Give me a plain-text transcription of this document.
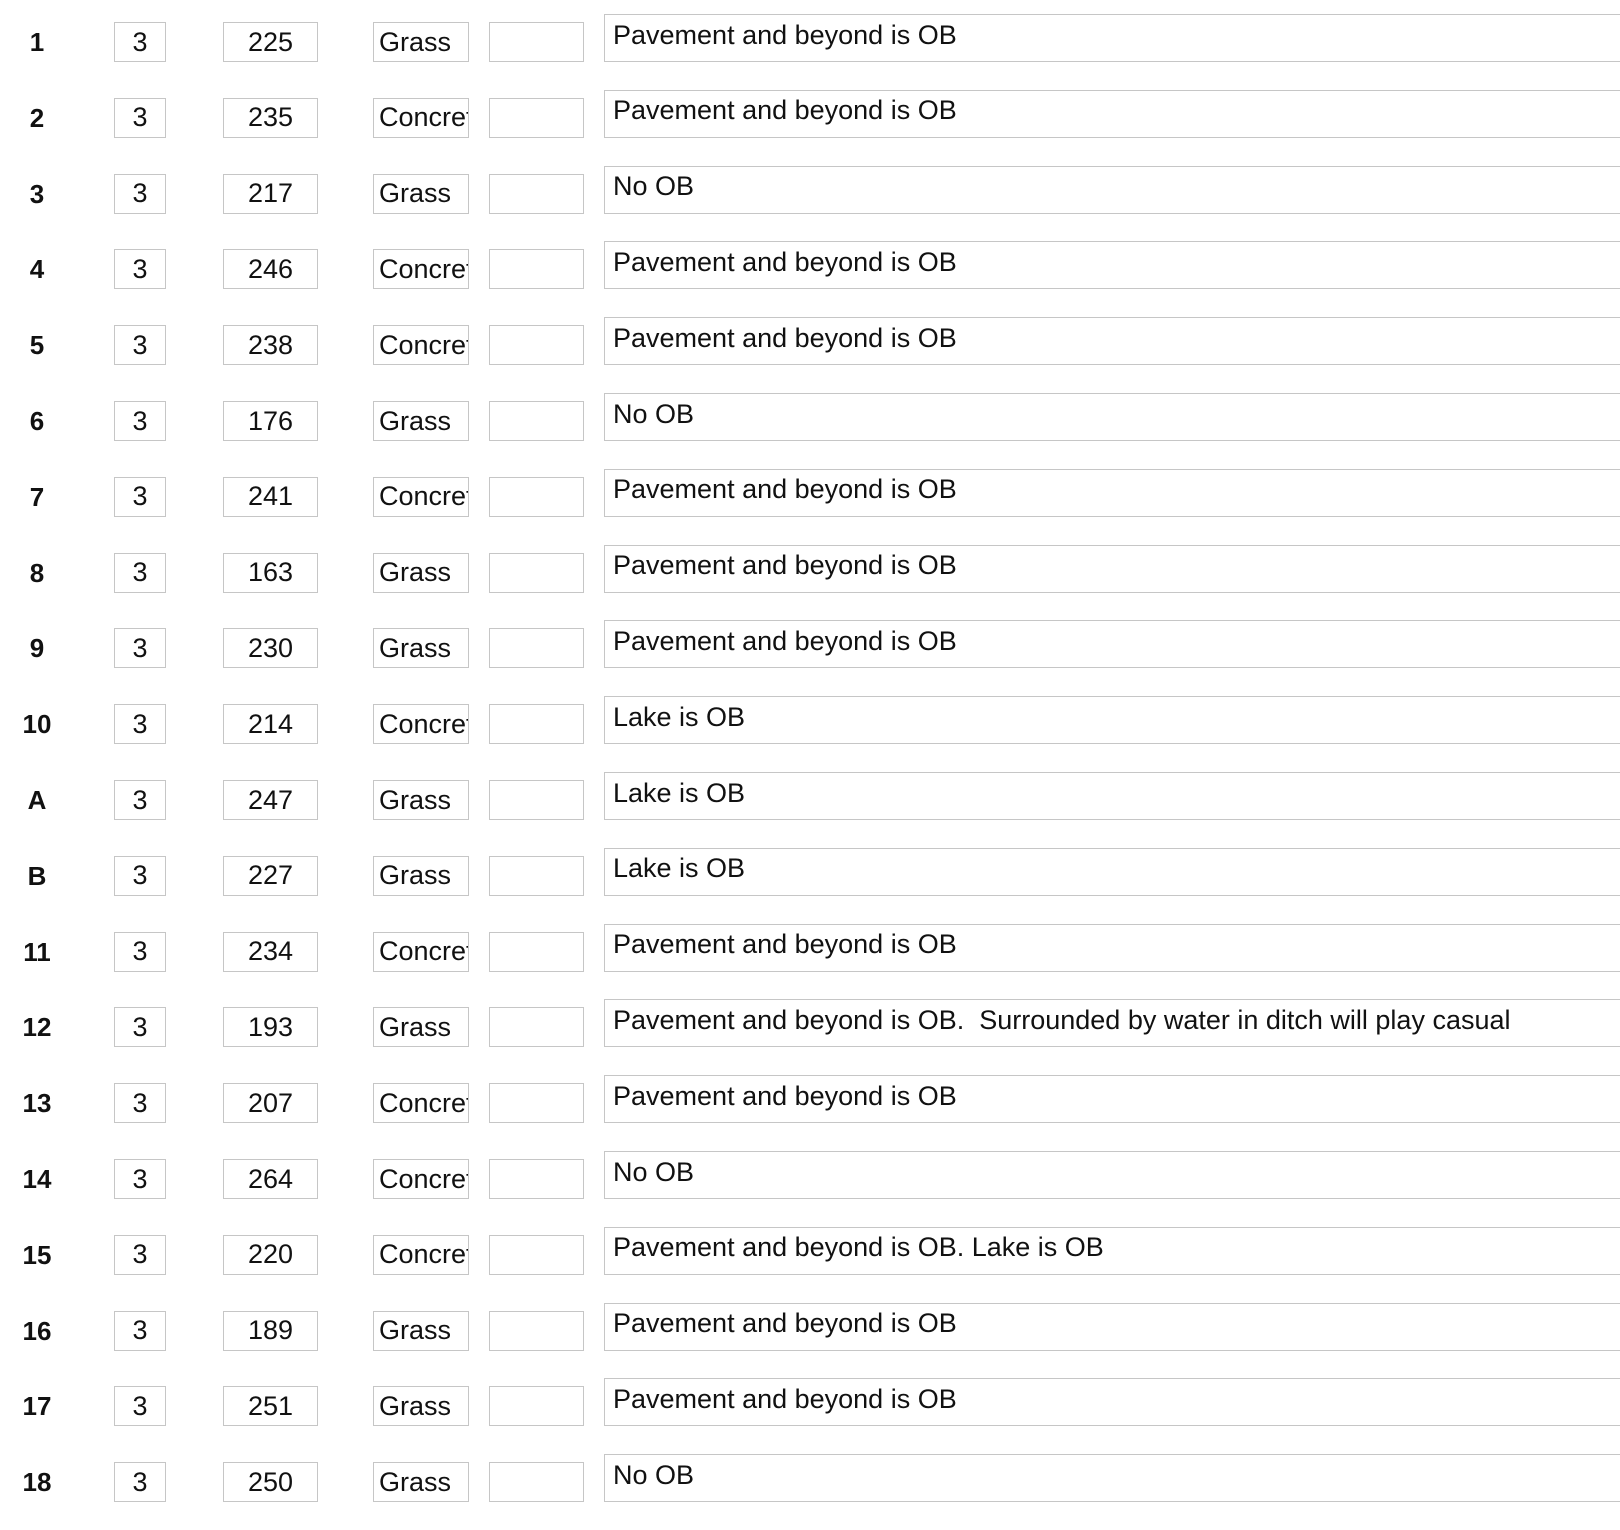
1
3
225
Grass
Pavement and beyond is OB
2
3
235
Concrete
Pavement and beyond is OB
3
3
217
Grass
No OB
4
3
246
Concrete
Pavement and beyond is OB
5
3
238
Concrete
Pavement and beyond is OB
6
3
176
Grass
No OB
7
3
241
Concrete
Pavement and beyond is OB
8
3
163
Grass
Pavement and beyond is OB
9
3
230
Grass
Pavement and beyond is OB
10
3
214
Concrete
Lake is OB
A
3
247
Grass
Lake is OB
B
3
227
Grass
Lake is OB
11
3
234
Concrete
Pavement and beyond is OB
12
3
193
Grass
Pavement and beyond is OB. Surrounded by water in ditch will play casual
13
3
207
Concrete
Pavement and beyond is OB
14
3
264
Concrete
No OB
15
3
220
Concrete
Pavement and beyond is OB. Lake is OB
16
3
189
Grass
Pavement and beyond is OB
17
3
251
Grass
Pavement and beyond is OB
18
3
250
Grass
No OB
